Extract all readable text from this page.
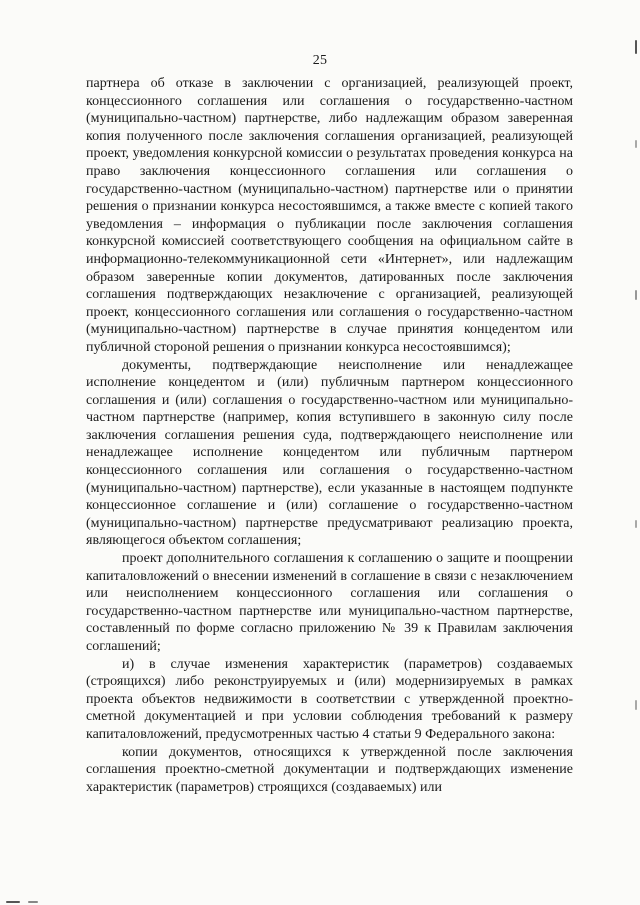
25

партнера об отказе в заключении с организацией, реализующей проект, концессионного соглашения или соглашения о государственно-частном (муниципально-частном) партнерстве, либо надлежащим образом заверенная копия полученного после заключения соглашения организацией, реализующей проект, уведомления конкурсной комиссии о результатах проведения конкурса на право заключения концессионного соглашения или соглашения о государственно-частном (муниципально-частном) партнерстве или о принятии решения о признании конкурса несостоявшимся, а также вместе с копией такого уведомления – информация о публикации после заключения соглашения конкурсной комиссией соответствующего сообщения на официальном сайте в информационно-телекоммуникационной сети «Интернет», или надлежащим образом заверенные копии документов, датированных после заключения соглашения подтверждающих незаключение с организацией, реализующей проект, концессионного соглашения или соглашения о государственно-частном (муниципально-частном) партнерстве в случае принятия концедентом или публичной стороной решения о признании конкурса несостоявшимся);

документы, подтверждающие неисполнение или ненадлежащее исполнение концедентом и (или) публичным партнером концессионного соглашения и (или) соглашения о государственно-частном или муниципально-частном партнерстве (например, копия вступившего в законную силу после заключения соглашения решения суда, подтверждающего неисполнение или ненадлежащее исполнение концедентом или публичным партнером концессионного соглашения или соглашения о государственно-частном (муниципально-частном) партнерстве), если указанные в настоящем подпункте концессионное соглашение и (или) соглашение о государственно-частном (муниципально-частном) партнерстве предусматривают реализацию проекта, являющегося объектом соглашения;

проект дополнительного соглашения к соглашению о защите и поощрении капиталовложений о внесении изменений в соглашение в связи с незаключением или неисполнением концессионного соглашения или соглашения о государственно-частном партнерстве или муниципально-частном партнерстве, составленный по форме согласно приложению № 39 к Правилам заключения соглашений;

и) в случае изменения характеристик (параметров) создаваемых (строящихся) либо реконструируемых и (или) модернизируемых в рамках проекта объектов недвижимости в соответствии с утвержденной проектно-сметной документацией и при условии соблюдения требований к размеру капиталовложений, предусмотренных частью 4 статьи 9 Федерального закона:

копии документов, относящихся к утвержденной после заключения соглашения проектно-сметной документации и подтверждающих изменение характеристик (параметров) строящихся (создаваемых) или
